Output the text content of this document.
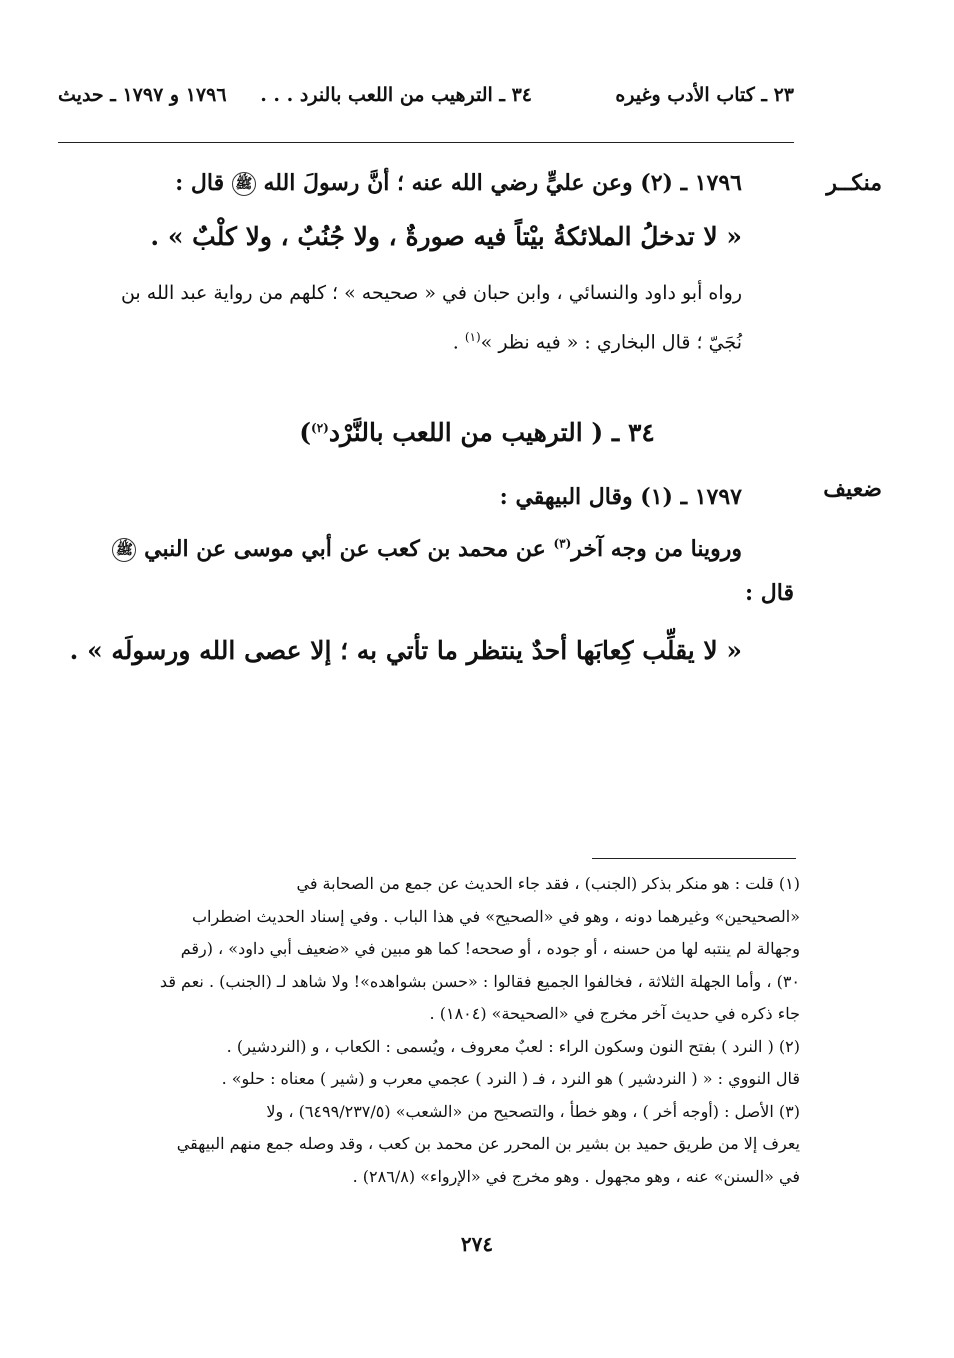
٢٣ ـ كتاب الأدب وغيره
٣٤ ـ الترهيب من اللعب بالنرد . . .
١٧٩٦ و ١٧٩٧ ـ حديث
منكــر
ضعيف
١٧٩٦ ـ (٢) وعن عليٍّ رضي الله عنه ؛ أنَّ رسولَ الله ﷺ قال :
« لا تدخلُ الملائكةُ بيْتاً فيه صورةٌ ، ولا جُنُبٌ ، ولا كلْبٌ » .
رواه أبو داود والنسائي ، وابن حبان في « صحيحه » ؛ كلهم من رواية عبد الله بن
نُجَيّ ؛ قال البخاري : « فيه نظر »$^{(١)}$ .
٣٤ ـ ( الترهيب من اللعب بالنَّرْد(٢))
١٧٩٧ ـ (١) وقال البيهقي :
وروينا من وجه آخر$^{(٣)}$ عن محمد بن كعب عن أبي موسى عن النبي ﷺ
قال :
« لا يقلِّب كِعابَها أحدٌ ينتظر ما تأتي به ؛ إلا عصى الله ورسولَه » .
(١) قلت : هو منكر بذكر (الجنب) ، فقد جاء الحديث عن جمع من الصحابة في
«الصحيحين» وغيرهما دونه ، وهو في «الصحيح» في هذا الباب . وفي إسناد الحديث اضطراب
وجهالة لم ينتبه لها من حسنه ، أو جوده ، أو صححه! كما هو مبين في «ضعيف أبي داود» ، (رقم
٣٠) ، وأما الجهلة الثلاثة ، فخالفوا الجميع فقالوا : «حسن بشواهده»! ولا شاهد لـ (الجنب) . نعم قد
جاء ذكره في حديث آخر مخرج في «الصحيحة» (١٨٠٤) .
(٢) ( النرد ) بفتح النون وسكون الراء : لعبٌ معروف ، ويُسمى : الكعاب ، و (النردشير) .
قال النووي : « ( النردشير ) هو النرد ، فـ ( النرد ) عجمي معرب و (شير ) معناه : حلو» .
(٣) الأصل : (أوجه أخر ) ، وهو خطأ ، والتصحيح من «الشعب» (٦٤٩٩/٢٣٧/٥) ، ولا
يعرف إلا من طريق حميد بن بشير بن المحرر عن محمد بن كعب ، وقد وصله جمع منهم البيهقي
في «السنن» عنه ، وهو مجهول . وهو مخرج في «الإرواء» (٢٨٦/٨) .
٢٧٤
